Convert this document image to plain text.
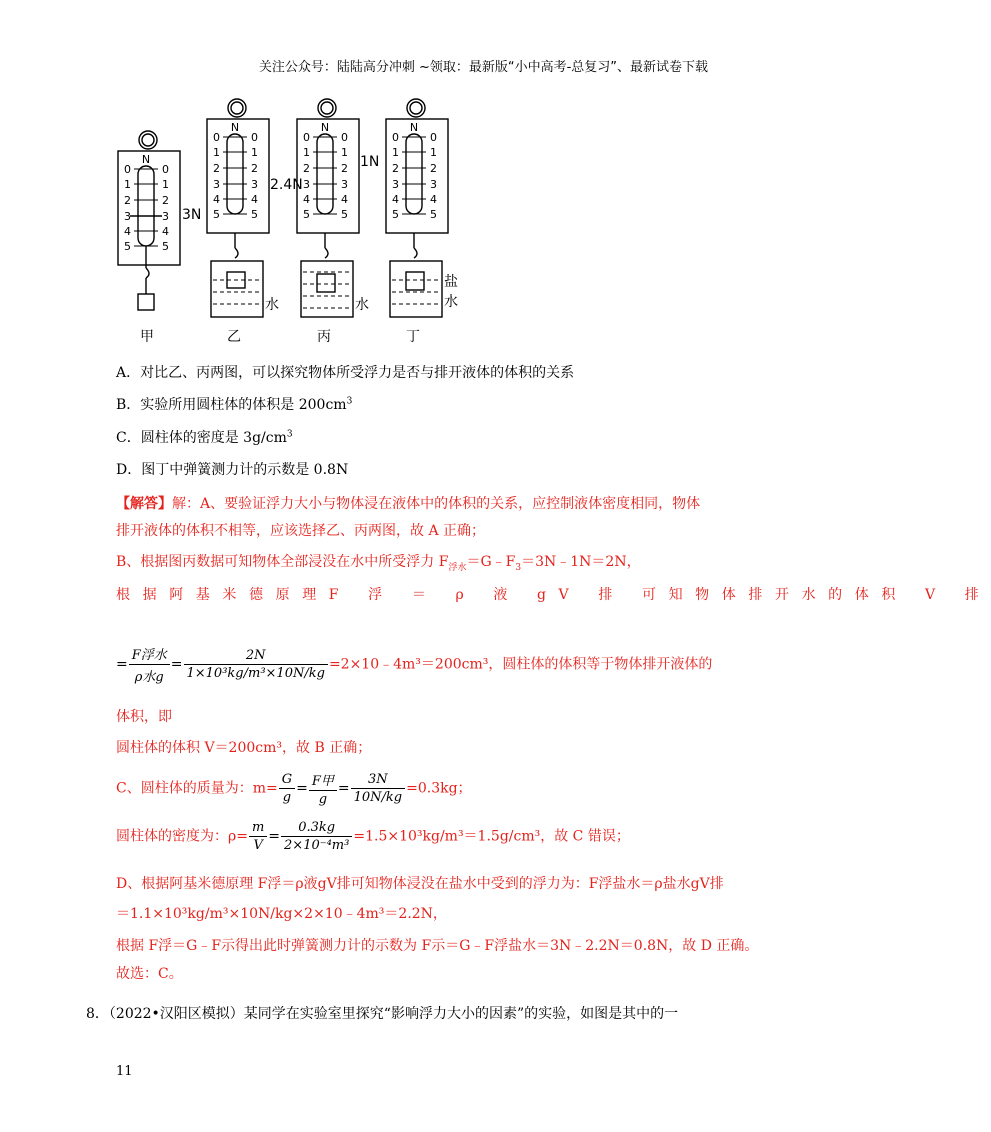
关注公众号：陆陆高分冲刺 ~领取：最新版“小中高考-总复习”、最新试卷下载
N
N	N	N
0	0
1	1
2	2
3	3
4	4
5	5
0	0
1	1
2	2
3	3
4	4
5	5
0	0
1	1
2	2
3	3
4	4
5	5
0	0
1	1
2	2
3	3
4	4
5	5
3N
2.4N
1N
水	水
盐
水
甲	乙	丙	丁
A．对比乙、丙两图，可以探究物体所受浮力是否与排开液体的体积的关系
B．实验所用圆柱体的体积是 $200cm^3$
C．圆柱体的密度是 $3g/cm^3$
D．图丁中弹簧测力计的示数是 0.8N
【解答】解：A、要验证浮力大小与物体浸在液体中的体积的关系，应控制液体密度相同，物体
排开液体的体积不相等，应该选择乙、丙两图，故 A 正确；
B、根据图丙数据可知物体全部浸没在水中所受浮力 $F_{浮水}=G﹣F_3=3N﹣1N=2N$，
根据阿基米德原理F 浮 ＝ ρ 液 gV 排 可知物体排开水的体积 V 排
= $\frac{\text{F浮水}}{\text{ρ水g}} = \frac{2N}{\text{1×10³kg/m³×10N/kg}}$ =2×10﹣4m³＝200cm³，圆柱体的体积等于物体排开液体的
体积，即
圆柱体的体积 V＝200cm³，故 B 正确；
C、圆柱体的质量为：$m= \frac{G}{g} = \frac{\text{F甲}}{g} = \frac{3N}{10N/kg} =0.3kg$；
圆柱体的密度为：$\rho= \frac{m}{V} = \frac{0.3kg}{\text{2×10⁻⁴m³}} =1.5\times 10^3kg/m^3=1.5g/cm^3$，故 C 错误；
D、根据阿基米德原理 F浮＝ρ液gV排可知物体浸没在盐水中受到的浮力为：F浮盐水＝ρ盐水gV排
＝1.1×10³kg/m³×10N/kg×2×10﹣4m³＝2.2N，
根据 F浮＝G﹣F示得出此时弹簧测力计的示数为 F示＝G﹣F浮盐水＝3N﹣2.2N＝0.8N，故 D 正确。
故选：C。
8．（2022•汉阳区模拟）某同学在实验室里探究“影响浮力大小的因素”的实验，如图是其中的一
11
